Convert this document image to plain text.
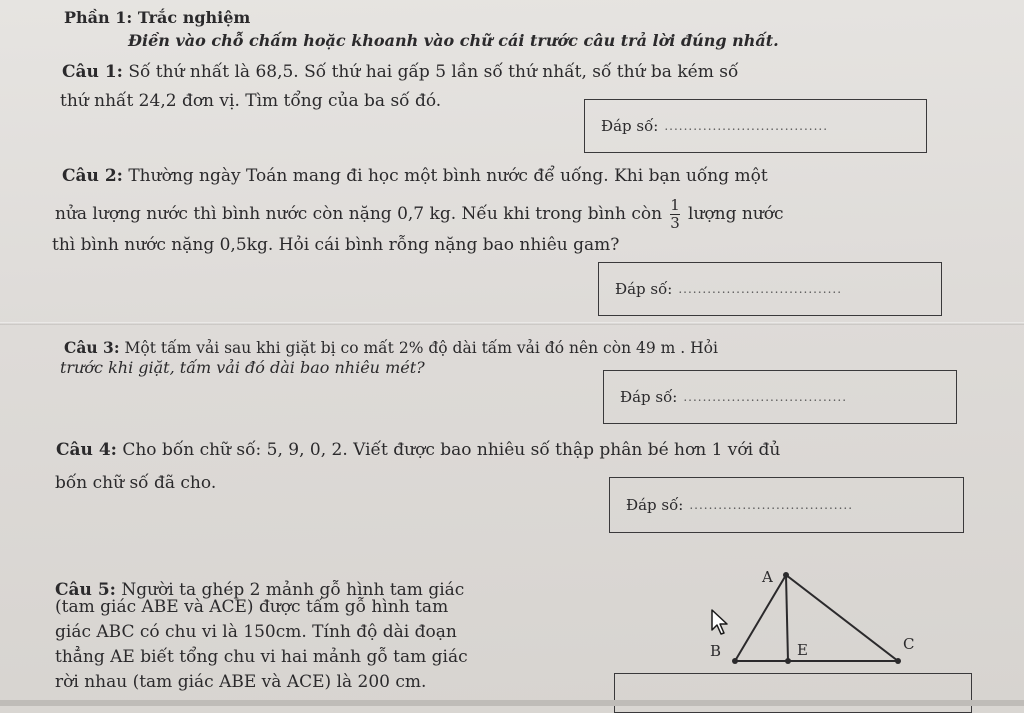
Phần 1: Trắc nghiệm
Điền vào chỗ chấm hoặc khoanh vào chữ cái trước câu trả lời đúng nhất.
Câu 1: Số thứ nhất là 68,5. Số thứ hai gấp 5 lần số thứ nhất, số thứ ba kém số
thứ nhất 24,2 đơn vị. Tìm tổng của ba số đó.
Đáp số: ..................................
Câu 2: Thường ngày Toán mang đi học một bình nước để uống. Khi bạn uống một
nửa lượng nước thì bình nước còn nặng 0,7 kg. Nếu khi trong bình còn $\frac{1}{3}$ lượng nước
thì bình nước nặng 0,5kg. Hỏi cái bình rỗng nặng bao nhiêu gam?
Đáp số: ..................................
Câu 3: Một tấm vải sau khi giặt bị co mất 2% độ dài tấm vải đó nên còn 49 m . Hỏi
trước khi giặt, tấm vải đó dài bao nhiêu mét?
Đáp số: ..................................
Câu 4: Cho bốn chữ số: 5, 9, 0, 2. Viết được bao nhiêu số thập phân bé hơn 1 với đủ
bốn chữ số đã cho.
Đáp số: ..................................
Câu 5: Người ta ghép 2 mảnh gỗ hình tam giác
(tam giác ABE và ACE) được tấm gỗ hình tam
giác ABC có chu vi là 150cm. Tính độ dài đoạn
thẳng AE biết tổng chu vi hai mảnh gỗ tam giác
rời nhau (tam giác ABE và ACE) là 200 cm.
A
B	E	C
